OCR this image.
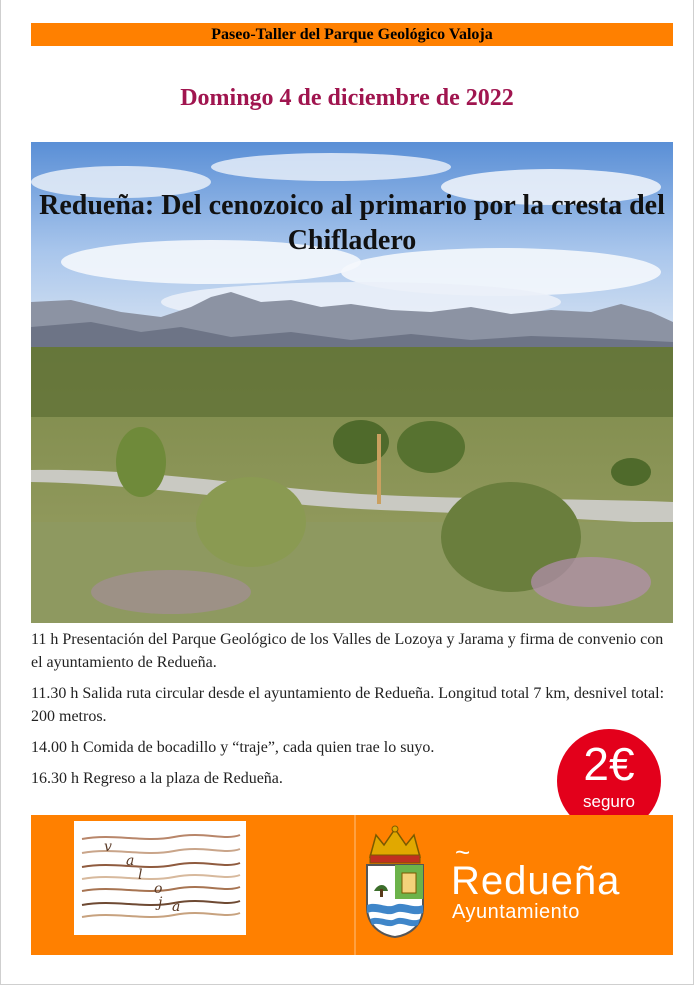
Paseo-Taller del Parque Geológico Valoja
Domingo 4 de diciembre de 2022
Redueña: Del cenozoico al primario por la cresta del Chifladero

11 h Presentación del Parque Geológico de los Valles de Lozoya y Jarama y firma de convenio con el ayuntamiento de Redueña.

11.30 h Salida ruta circular desde el ayuntamiento de Redueña. Longitud total 7 km, desnivel total: 200 metros.

14.00 h Comida de bocadillo y “traje”, cada quien trae lo suyo.

16.30 h Regreso a la plaza de Redueña.	2€
seguro
v
a
l
o
j a
~
Redueña
Ayuntamiento
